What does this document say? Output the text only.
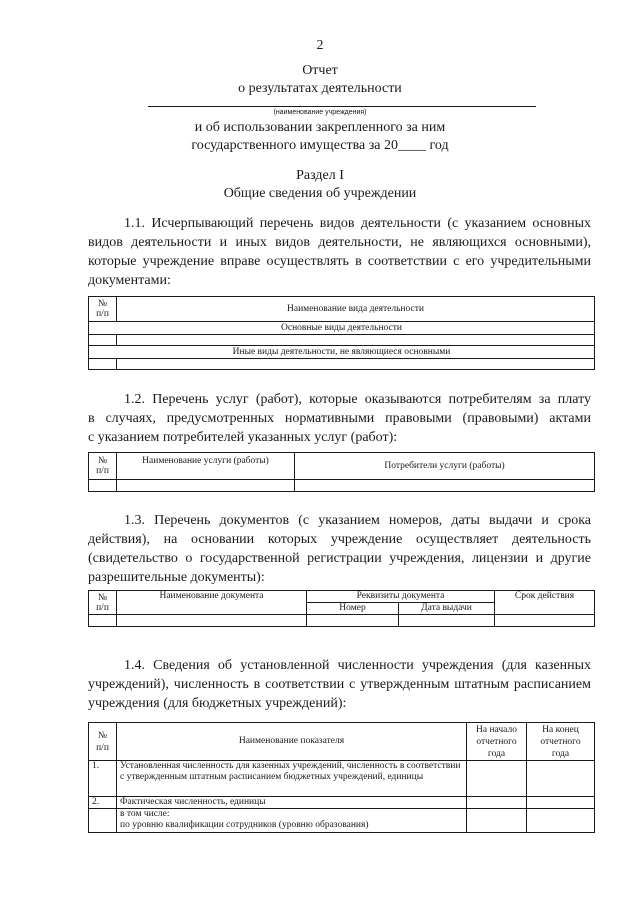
2
Отчет
о результатах деятельности
(наименование учреждения)
и об использовании закрепленного за ним
государственного имущества за 20____ год
Раздел I
Общие сведения об учреждении
1.1. Исчерпывающий перечень видов деятельности (с указанием основных
видов деятельности и иных видов деятельности, не являющихся основными),
которые учреждение вправе осуществлять в соответствии с его учредительными
документами:
№
п/п	Наименование вида деятельности
Основные виды деятельности	

Иные виды деятельности, не являющиеся основными	

1.2. Перечень услуг (работ), которые оказываются потребителям за плату
в случаях, предусмотренных нормативными правовыми (правовыми) актами
с указанием потребителей указанных услуг (работ):
№
п/п	Наименование услуги (работы)	Потребители услуги (работы)

1.3. Перечень документов (с указанием номеров, даты выдачи и срока
действия), на основании которых учреждение осуществляет деятельность
(свидетельство о государственной регистрации учреждения, лицензии и другие
разрешительные документы):
№
п/п	Наименование документа	Реквизиты документа		Срок действия
		Номер	Дата выдачи	

1.4. Сведения об установленной численности учреждения (для казенных
учреждений), численность в соответствии с утвержденным штатным расписанием
учреждения (для бюджетных учреждений):
№
п/п	Наименование показателя	На начало
отчетного
года	На конец
отчетного
года
1.	Установленная численность для казенных учреждений, численность в соответствии с утвержденным штатным расписанием бюджетных учреждений, единицы		
2.	Фактическая численность, единицы		
	в том числе:
по уровню квалификации сотрудников (уровню образования)		
